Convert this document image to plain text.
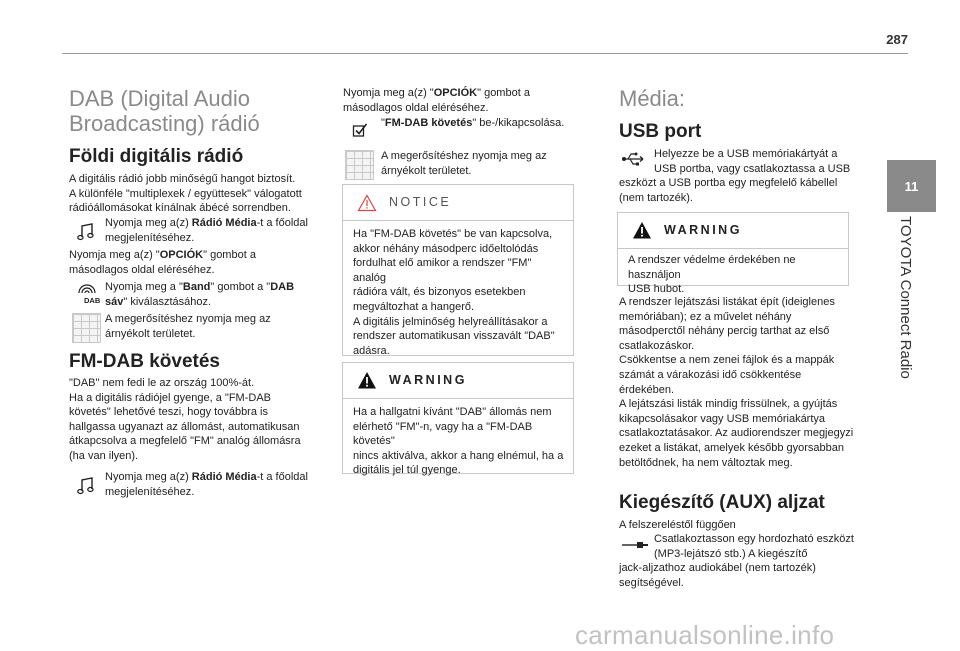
287
11
TOYOTA Connect Radio
DAB (Digital Audio
Broadcasting) rádió
Földi digitális rádió

A digitális rádió jobb minőségű hangot biztosít.
A különféle "multiplexek / együttesek" válogatott
rádióállomásokat kínálnak ábécé sorrendben.

Nyomja meg a(z) Rádió Média-t a főoldal
megjelenítéséhez.

Nyomja meg a(z) "OPCIÓK" gombot a
másodlagos oldal eléréséhez.

DAB

Nyomja meg a "Band" gombot a "DAB
sáv" kiválasztásához.

A megerősítéshez nyomja meg az
árnyékolt területet.

FM-DAB követés

"DAB" nem fedi le az ország 100%-át.
Ha a digitális rádiójel gyenge, a "FM-DAB
követés" lehetővé teszi, hogy továbbra is
hallgassa ugyanazt az állomást, automatikusan
átkapcsolva a megfelelő "FM" analóg állomásra
(ha van ilyen).

Nyomja meg a(z) Rádió Média-t a főoldal
megjelenítéséhez.

Nyomja meg a(z) "OPCIÓK" gombot a
másodlagos oldal eléréséhez.

"FM-DAB követés" be-/kikapcsolása.

A megerősítéshez nyomja meg az
árnyékolt területet.

NOTICE
Ha "FM-DAB követés" be van kapcsolva,
akkor néhány másodperc időeltolódás
fordulhat elő amikor a rendszer "FM" analóg
rádióra vált, és bizonyos esetekben
megváltozhat a hangerő.
A digitális jelminőség helyreállításakor a
rendszer automatikusan visszavált "DAB"
adásra.
WARNING
Ha a hallgatni kívánt "DAB" állomás nem
elérhető "FM"-n, vagy ha a "FM-DAB követés"
nincs aktiválva, akkor a hang elnémul, ha a
digitális jel túl gyenge.
Média:
USB port

Helyezze be a USB memóriakártyát a
USB portba, vagy csatlakoztassa a USB

eszközt a USB portba egy megfelelő kábellel
(nem tartozék).

WARNING
A rendszer védelme érdekében ne használjon
USB hubot.

A rendszer lejátszási listákat épít (ideiglenes
memóriában); ez a művelet néhány
másodperctől néhány percig tarthat az első
csatlakozáskor.
Csökkentse a nem zenei fájlok és a mappák
számát a várakozási idő csökkentése
érdekében.
A lejátszási listák mindig frissülnek, a gyújtás
kikapcsolásakor vagy USB memóriakártya
csatlakoztatásakor. Az audiorendszer megjegyzi
ezeket a listákat, amelyek később gyorsabban
betöltődnek, ha nem változtak meg.

Kiegészítő (AUX) aljzat

A felszereléstől függően

Csatlakoztasson egy hordozható eszközt
(MP3-lejátszó stb.) A kiegészítő

jack-aljzathoz audiokábel (nem tartozék)
segítségével.

carmanualsonline.info
